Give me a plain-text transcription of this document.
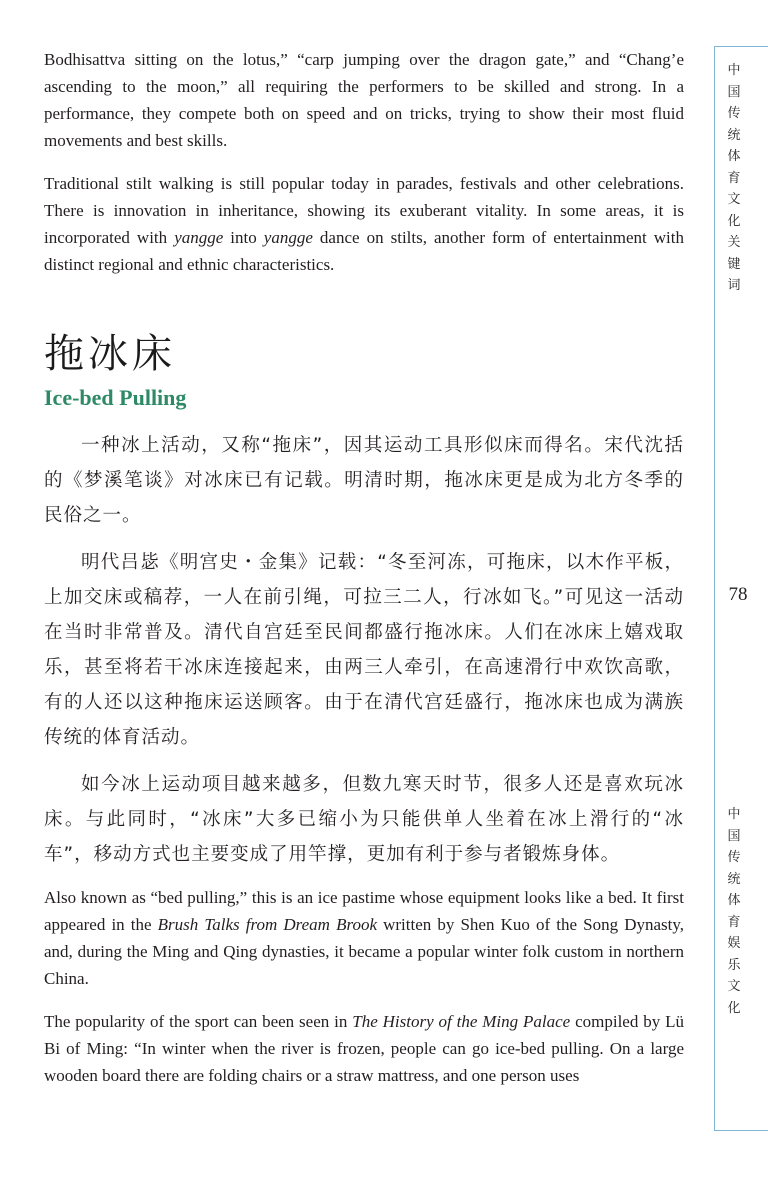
Bodhisattva sitting on the lotus,” “carp jumping over the dragon gate,” and “Chang’e ascending to the moon,” all requiring the performers to be skilled and strong. In a performance, they compete both on speed and on tricks, trying to show their most fluid movements and best skills.

Traditional stilt walking is still popular today in parades, festivals and other celebrations. There is innovation in inheritance, showing its exuberant vitality. In some areas, it is incorporated with yangge into yangge dance on stilts, another form of entertainment with distinct regional and ethnic characteristics.

拖冰床
Ice-bed Pulling

一种冰上活动，又称“拖床”，因其运动工具形似床而得名。宋代沈括的《梦溪笔谈》对冰床已有记载。明清时期，拖冰床更是成为北方冬季的民俗之一。

明代吕毖《明宫史・金集》记载：“冬至河冻，可拖床，以木作平板，上加交床或稿荐，一人在前引绳，可拉三二人，行冰如飞。”可见这一活动在当时非常普及。清代自宫廷至民间都盛行拖冰床。人们在冰床上嬉戏取乐，甚至将若干冰床连接起来，由两三人牵引，在高速滑行中欢饮高歌，有的人还以这种拖床运送顾客。由于在清代宫廷盛行，拖冰床也成为满族传统的体育活动。

如今冰上运动项目越来越多，但数九寒天时节，很多人还是喜欢玩冰床。与此同时，“冰床”大多已缩小为只能供单人坐着在冰上滑行的“冰车”，移动方式也主要变成了用竿撑，更加有利于参与者锻炼身体。

Also known as “bed pulling,” this is an ice pastime whose equipment looks like a bed. It first appeared in the Brush Talks from Dream Brook written by Shen Kuo of the Song Dynasty, and, during the Ming and Qing dynasties, it became a popular winter folk custom in northern China.

The popularity of the sport can been seen in The History of the Ming Palace compiled by Lü Bi of Ming: “In winter when the river is frozen, people can go ice-bed pulling. On a large wooden board there are folding chairs or a straw mattress, and one person uses

中
国
传
统
体
育
文
化
关
键
词
78
中
国
传
统
体
育
娱
乐
文
化
